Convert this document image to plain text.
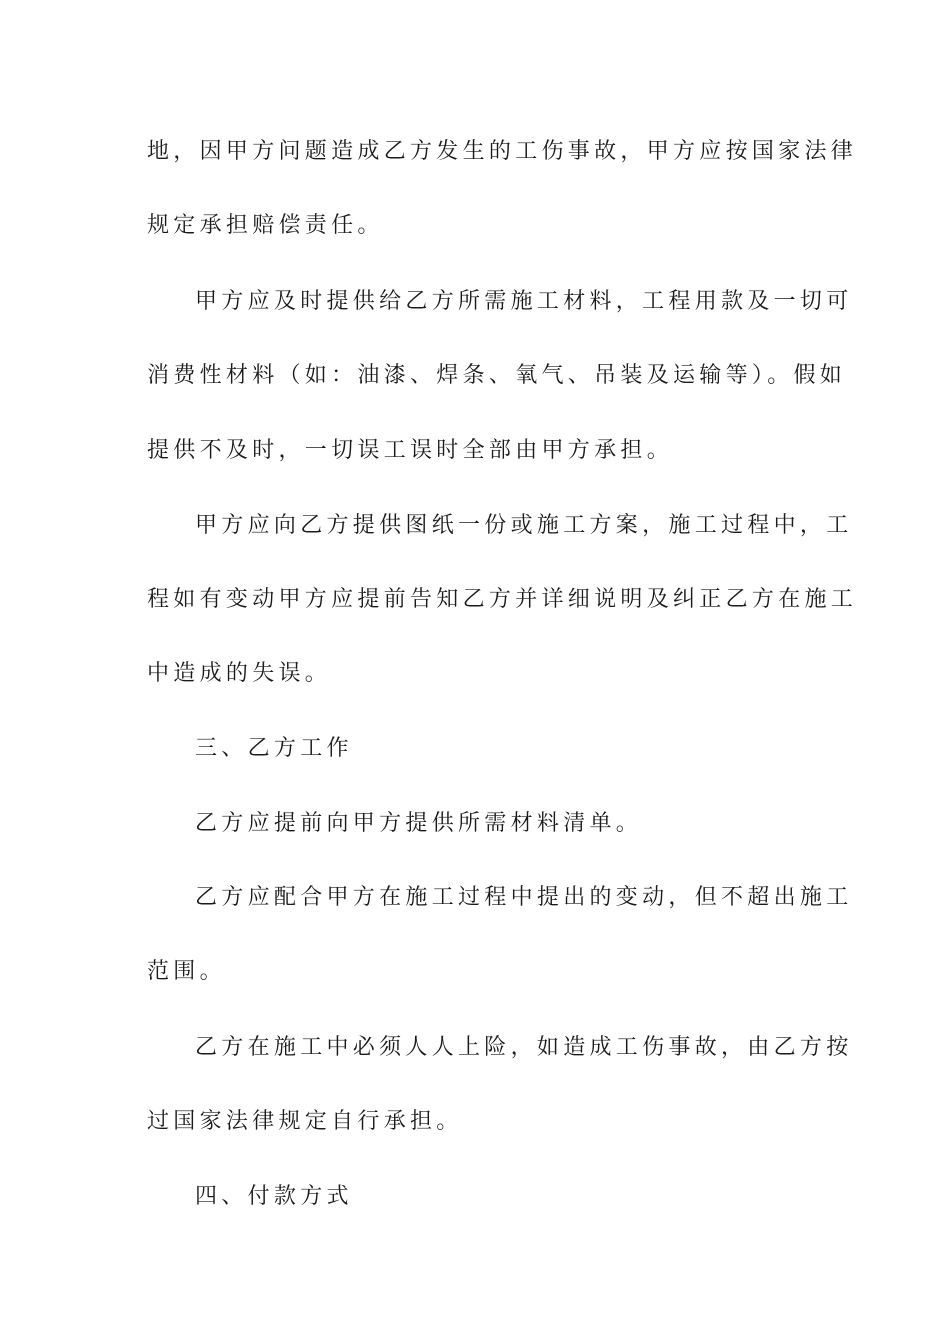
地，因甲方问题造成乙方发生的工伤事故，甲方应按国家法律
规定承担赔偿责任。
甲方应及时提供给乙方所需施工材料，工程用款及一切可
消费性材料（如：油漆、焊条、氧气、吊装及运输等）。假如
提供不及时，一切误工误时全部由甲方承担。
甲方应向乙方提供图纸一份或施工方案，施工过程中，工
程如有变动甲方应提前告知乙方并详细说明及纠正乙方在施工
中造成的失误。
三、乙方工作
乙方应提前向甲方提供所需材料清单。
乙方应配合甲方在施工过程中提出的变动，但不超出施工
范围。
乙方在施工中必须人人上险，如造成工伤事故，由乙方按
过国家法律规定自行承担。
四、付款方式
